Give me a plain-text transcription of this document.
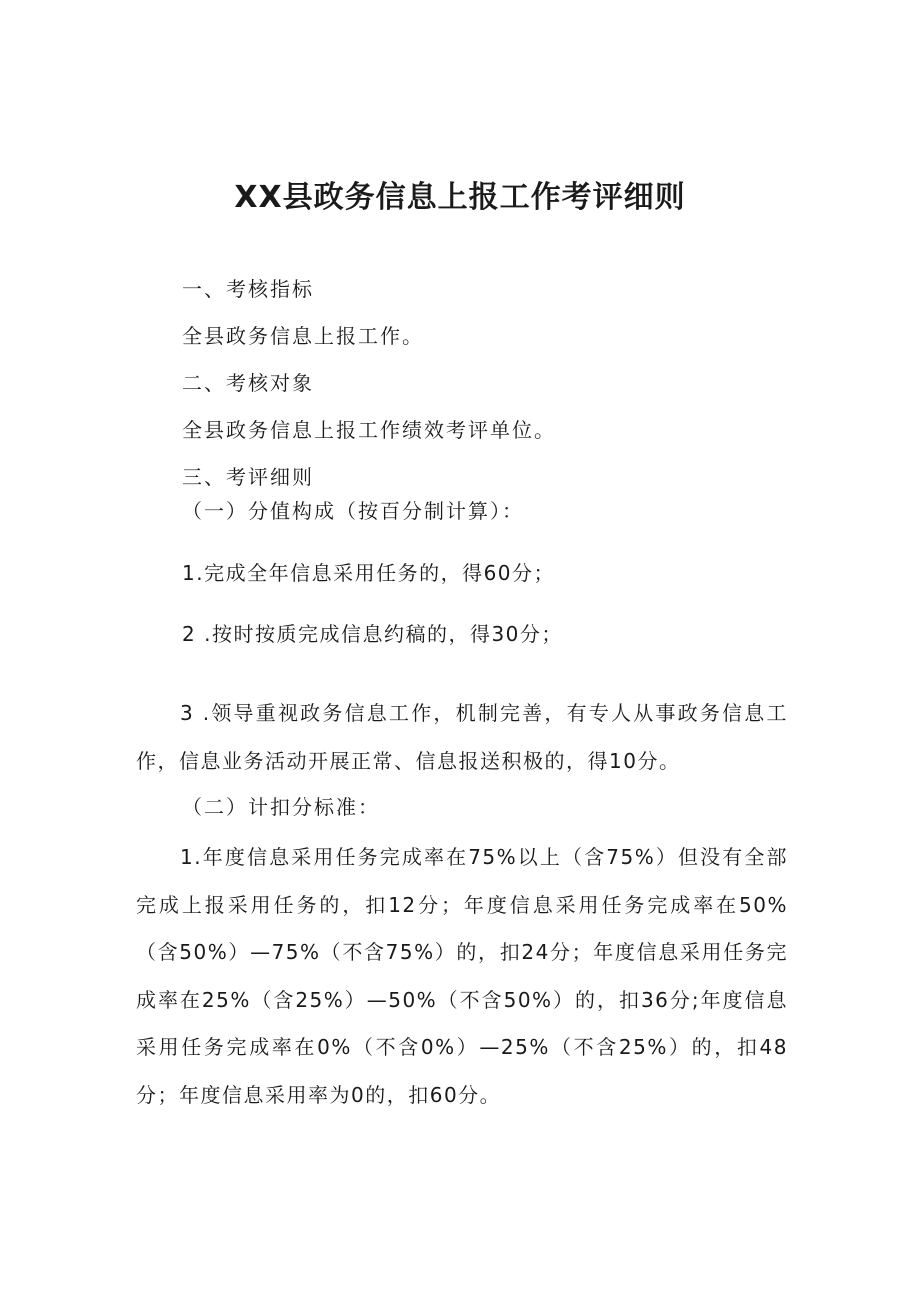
XX县政务信息上报工作考评细则
一、考核指标
全县政务信息上报工作。
二、考核对象
全县政务信息上报工作绩效考评单位。
三、考评细则
（一）分值构成（按百分制计算）：
1.完成全年信息采用任务的，得60分；
2 .按时按质完成信息约稿的，得30分；
3 .领导重视政务信息工作，机制完善，有专人从事政务信息工作，信息业务活动开展正常、信息报送积极的，得10分。
（二）计扣分标准：
1.年度信息采用任务完成率在75%以上（含75%）但没有全部完成上报采用任务的，扣12分；年度信息采用任务完成率在50%（含50%）—75%（不含75%）的，扣24分；年度信息采用任务完成率在25%（含25%）—50%（不含50%）的，扣36分;年度信息采用任务完成率在0%（不含0%）—25%（不含25%）的，扣48分；年度信息采用率为0的，扣60分。
